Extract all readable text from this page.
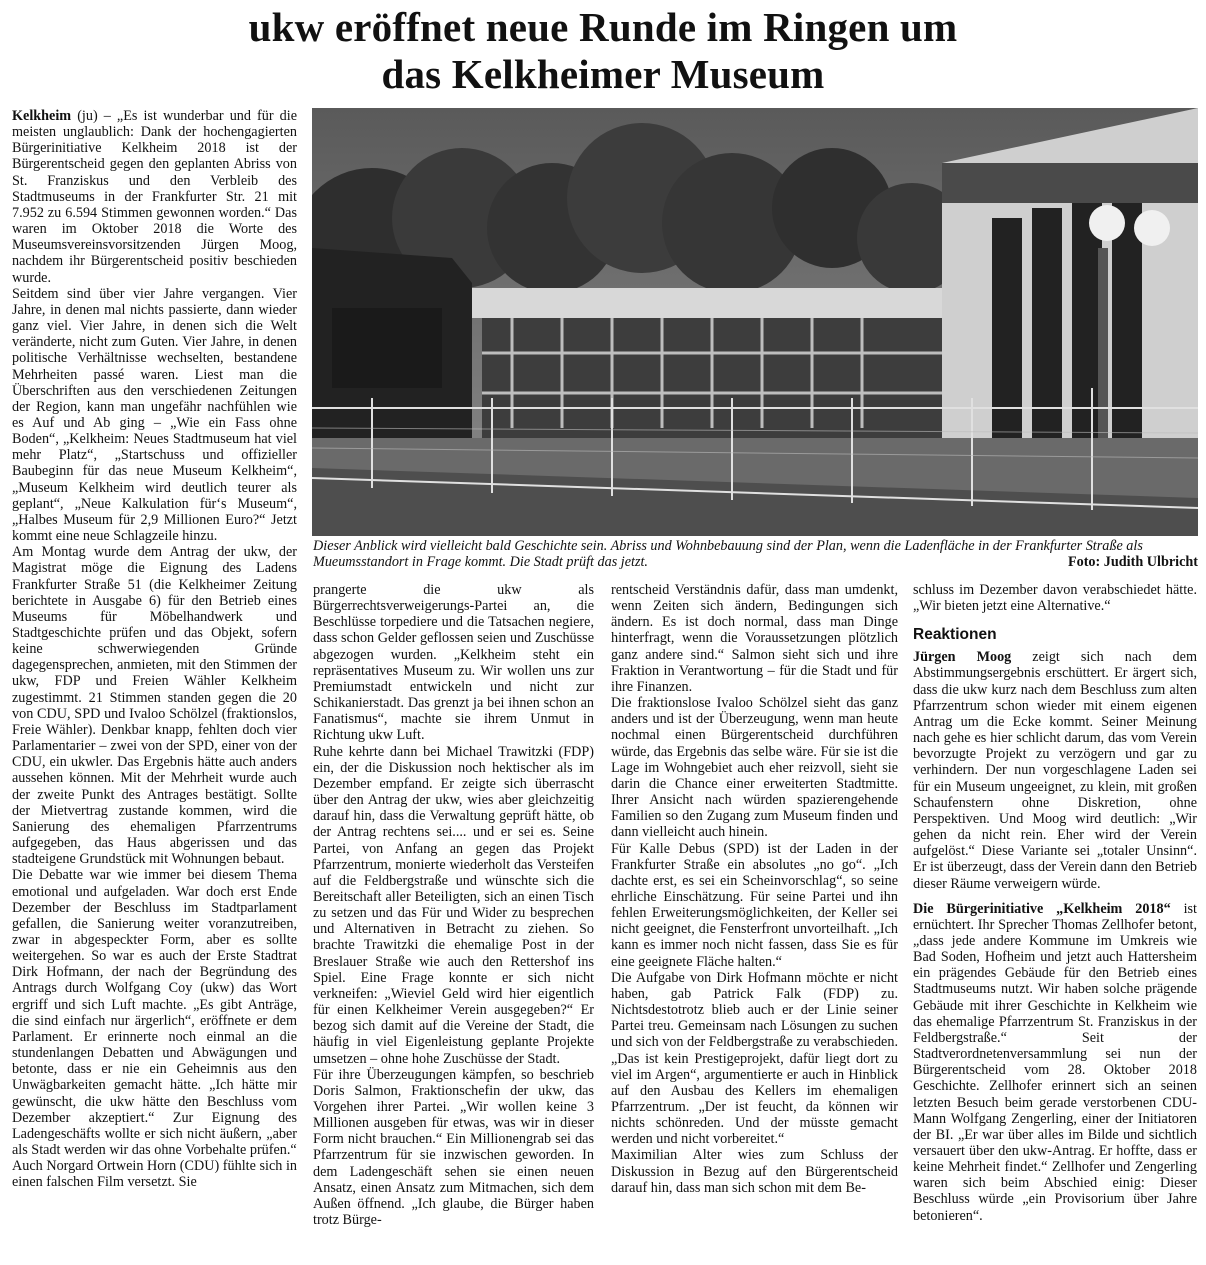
ukw eröffnet neue Runde im Ringen um
das Kelkheimer Museum

Kelkheim (ju) – „Es ist wunderbar und für die meisten unglaublich: Dank der hochengagierten Bürgerinitiative Kelkheim 2018 ist der Bürgerentscheid gegen den geplanten Abriss von St. Franziskus und den Verbleib des Stadtmuseums in der Frankfurter Str. 21 mit 7.952 zu 6.594 Stimmen gewonnen worden.“ Das waren im Oktober 2018 die Worte des Museumsvereinsvorsitzenden Jürgen Moog, nachdem ihr Bürgerentscheid positiv beschieden wurde.

Seitdem sind über vier Jahre vergangen. Vier Jahre, in denen mal nichts passierte, dann wieder ganz viel. Vier Jahre, in denen sich die Welt veränderte, nicht zum Guten. Vier Jahre, in denen politische Verhältnisse wechselten, bestandene Mehrheiten passé waren. Liest man die Überschriften aus den verschiedenen Zeitungen der Region, kann man ungefähr nachfühlen wie es Auf und Ab ging – „Wie ein Fass ohne Boden“, „Kelkheim: Neues Stadtmuseum hat viel mehr Platz“, „Startschuss und offizieller Baubeginn für das neue Museum Kelkheim“, „Museum Kelkheim wird deutlich teurer als geplant“, „Neue Kalkulation für‘s Museum“, „Halbes Museum für 2,9 Millionen Euro?“ Jetzt kommt eine neue Schlagzeile hinzu.

Am Montag wurde dem Antrag der ukw, der Magistrat möge die Eignung des Ladens Frankfurter Straße 51 (die Kelkheimer Zeitung berichtete in Ausgabe 6) für den Betrieb eines Museums für Möbelhandwerk und Stadtgeschichte prüfen und das Objekt, sofern keine schwerwiegenden Gründe dagegensprechen, anmieten, mit den Stimmen der ukw, FDP und Freien Wähler Kelkheim zugestimmt. 21 Stimmen standen gegen die 20 von CDU, SPD und Ivaloo Schölzel (fraktionslos, Freie Wähler). Denkbar knapp, fehlten doch vier Parlamentarier – zwei von der SPD, einer von der CDU, ein ukwler. Das Ergebnis hätte auch anders aussehen können. Mit der Mehrheit wurde auch der zweite Punkt des Antrages bestätigt. Sollte der Mietvertrag zustande kommen, wird die Sanierung des ehemaligen Pfarrzentrums aufgegeben, das Haus abgerissen und das stadteigene Grundstück mit Wohnungen bebaut.

Die Debatte war wie immer bei diesem Thema emotional und aufgeladen. War doch erst Ende Dezember der Beschluss im Stadtparlament gefallen, die Sanierung weiter voranzutreiben, zwar in abgespeckter Form, aber es sollte weitergehen. So war es auch der Erste Stadtrat Dirk Hofmann, der nach der Begründung des Antrags durch Wolfgang Coy (ukw) das Wort ergriff und sich Luft machte. „Es gibt Anträge, die sind einfach nur ärgerlich“, eröffnete er dem Parlament. Er erinnerte noch einmal an die stundenlangen Debatten und Abwägungen und betonte, dass er nie ein Geheimnis aus den Unwägbarkeiten gemacht hätte. „Ich hätte mir gewünscht, die ukw hätte den Beschluss vom Dezember akzeptiert.“ Zur Eignung des Ladengeschäfts wollte er sich nicht äußern, „aber als Stadt werden wir das ohne Vorbehalte prüfen.“

Auch Norgard Ortwein Horn (CDU) fühlte sich in einen falschen Film versetzt. Sie

Dieser Anblick wird vielleicht bald Geschichte sein. Abriss und Wohnbebauung sind der Plan, wenn die Ladenfläche in der Frankfurter Straße als Mueumsstandort in Frage kommt. Die Stadt prüft das jetzt.	Foto: Judith Ulbricht

prangerte die ukw als Bürgerrechtsverweigerungs-Partei an, die Beschlüsse torpediere und die Tatsachen negiere, dass schon Gelder geflossen seien und Zuschüsse abgezogen wurden. „Kelkheim steht ein repräsentatives Museum zu. Wir wollen uns zur Premiumstadt entwickeln und nicht zur Schikanierstadt. Das grenzt ja bei ihnen schon an Fanatismus“, machte sie ihrem Unmut in Richtung ukw Luft.

Ruhe kehrte dann bei Michael Trawitzki (FDP) ein, der die Diskussion noch hektischer als im Dezember empfand. Er zeigte sich überrascht über den Antrag der ukw, wies aber gleichzeitig darauf hin, dass die Verwaltung geprüft hätte, ob der Antrag rechtens sei.... und er sei es. Seine Partei, von Anfang an gegen das Projekt Pfarrzentrum, monierte wiederholt das Versteifen auf die Feldbergstraße und wünschte sich die Bereitschaft aller Beteiligten, sich an einen Tisch zu setzen und das Für und Wider zu besprechen und Alternativen in Betracht zu ziehen. So brachte Trawitzki die ehemalige Post in der Breslauer Straße wie auch den Rettershof ins Spiel. Eine Frage konnte er sich nicht verkneifen: „Wieviel Geld wird hier eigentlich für einen Kelkheimer Verein ausgegeben?“ Er bezog sich damit auf die Vereine der Stadt, die häufig in viel Eigenleistung geplante Projekte umsetzen – ohne hohe Zuschüsse der Stadt.

Für ihre Überzeugungen kämpfen, so beschrieb Doris Salmon, Fraktionschefin der ukw, das Vorgehen ihrer Partei. „Wir wollen keine 3 Millionen ausgeben für etwas, was wir in dieser Form nicht brauchen.“ Ein Millionengrab sei das Pfarrzentrum für sie inzwischen geworden. In dem Ladengeschäft sehen sie einen neuen Ansatz, einen Ansatz zum Mitmachen, sich dem Außen öffnend. „Ich glaube, die Bürger haben trotz Bürge-

rentscheid Verständnis dafür, dass man umdenkt, wenn Zeiten sich ändern, Bedingungen sich ändern. Es ist doch normal, dass man Dinge hinterfragt, wenn die Voraussetzungen plötzlich ganz andere sind.“ Salmon sieht sich und ihre Fraktion in Verantwortung – für die Stadt und für ihre Finanzen.

Die fraktionslose Ivaloo Schölzel sieht das ganz anders und ist der Überzeugung, wenn man heute nochmal einen Bürgerentscheid durchführen würde, das Ergebnis das selbe wäre. Für sie ist die Lage im Wohngebiet auch eher reizvoll, sieht sie darin die Chance einer erweiterten Stadtmitte. Ihrer Ansicht nach würden spazierengehende Familien so den Zugang zum Museum finden und dann vielleicht auch hinein.

Für Kalle Debus (SPD) ist der Laden in der Frankfurter Straße ein absolutes „no go“. „Ich dachte erst, es sei ein Scheinvorschlag“, so seine ehrliche Einschätzung. Für seine Partei und ihn fehlen Erweiterungsmöglichkeiten, der Keller sei nicht geeignet, die Fensterfront unvorteilhaft. „Ich kann es immer noch nicht fassen, dass Sie es für eine geeignete Fläche halten.“

Die Aufgabe von Dirk Hofmann möchte er nicht haben, gab Patrick Falk (FDP) zu. Nichtsdestotrotz blieb auch er der Linie seiner Partei treu. Gemeinsam nach Lösungen zu suchen und sich von der Feldbergstraße zu verabschieden. „Das ist kein Prestigeprojekt, dafür liegt dort zu viel im Argen“, argumentierte er auch in Hinblick auf den Ausbau des Kellers im ehemaligen Pfarrzentrum. „Der ist feucht, da können wir nichts schönreden. Und der müsste gemacht werden und nicht vorbereitet.“

Maximilian Alter wies zum Schluss der Diskussion in Bezug auf den Bürgerentscheid darauf hin, dass man sich schon mit dem Be-

schluss im Dezember davon verabschiedet hätte. „Wir bieten jetzt eine Alternative.“

Reaktionen

Jürgen Moog zeigt sich nach dem Abstimmungsergebnis erschüttert. Er ärgert sich, dass die ukw kurz nach dem Beschluss zum alten Pfarrzentrum schon wieder mit einem eigenen Antrag um die Ecke kommt. Seiner Meinung nach gehe es hier schlicht darum, das vom Verein bevorzugte Projekt zu verzögern und gar zu verhindern. Der nun vorgeschlagene Laden sei für ein Museum ungeeignet, zu klein, mit großen Schaufenstern ohne Diskretion, ohne Perspektiven. Und Moog wird deutlich: „Wir gehen da nicht rein. Eher wird der Verein aufgelöst.“ Diese Variante sei „totaler Unsinn“. Er ist überzeugt, dass der Verein dann den Betrieb dieser Räume verweigern würde.

Die Bürgerinitiative „Kelkheim 2018“ ist ernüchtert. Ihr Sprecher Thomas Zellhofer betont, „dass jede andere Kommune im Umkreis wie Bad Soden, Hofheim und jetzt auch Hattersheim ein prägendes Gebäude für den Betrieb eines Stadtmuseums nutzt. Wir haben solche prägende Gebäude mit ihrer Geschichte in Kelkheim wie das ehemalige Pfarrzentrum St. Franziskus in der Feldbergstraße.“ Seit der Stadtverordnetenversammlung sei nun der Bürgerentscheid vom 28. Oktober 2018 Geschichte. Zellhofer erinnert sich an seinen letzten Besuch beim gerade verstorbenen CDU-Mann Wolfgang Zengerling, einer der Initiatoren der BI. „Er war über alles im Bilde und sichtlich versauert über den ukw-Antrag. Er hoffte, dass er keine Mehrheit findet.“ Zellhofer und Zengerling waren sich beim Abschied einig: Dieser Beschluss würde „ein Provisorium über Jahre betonieren“.
